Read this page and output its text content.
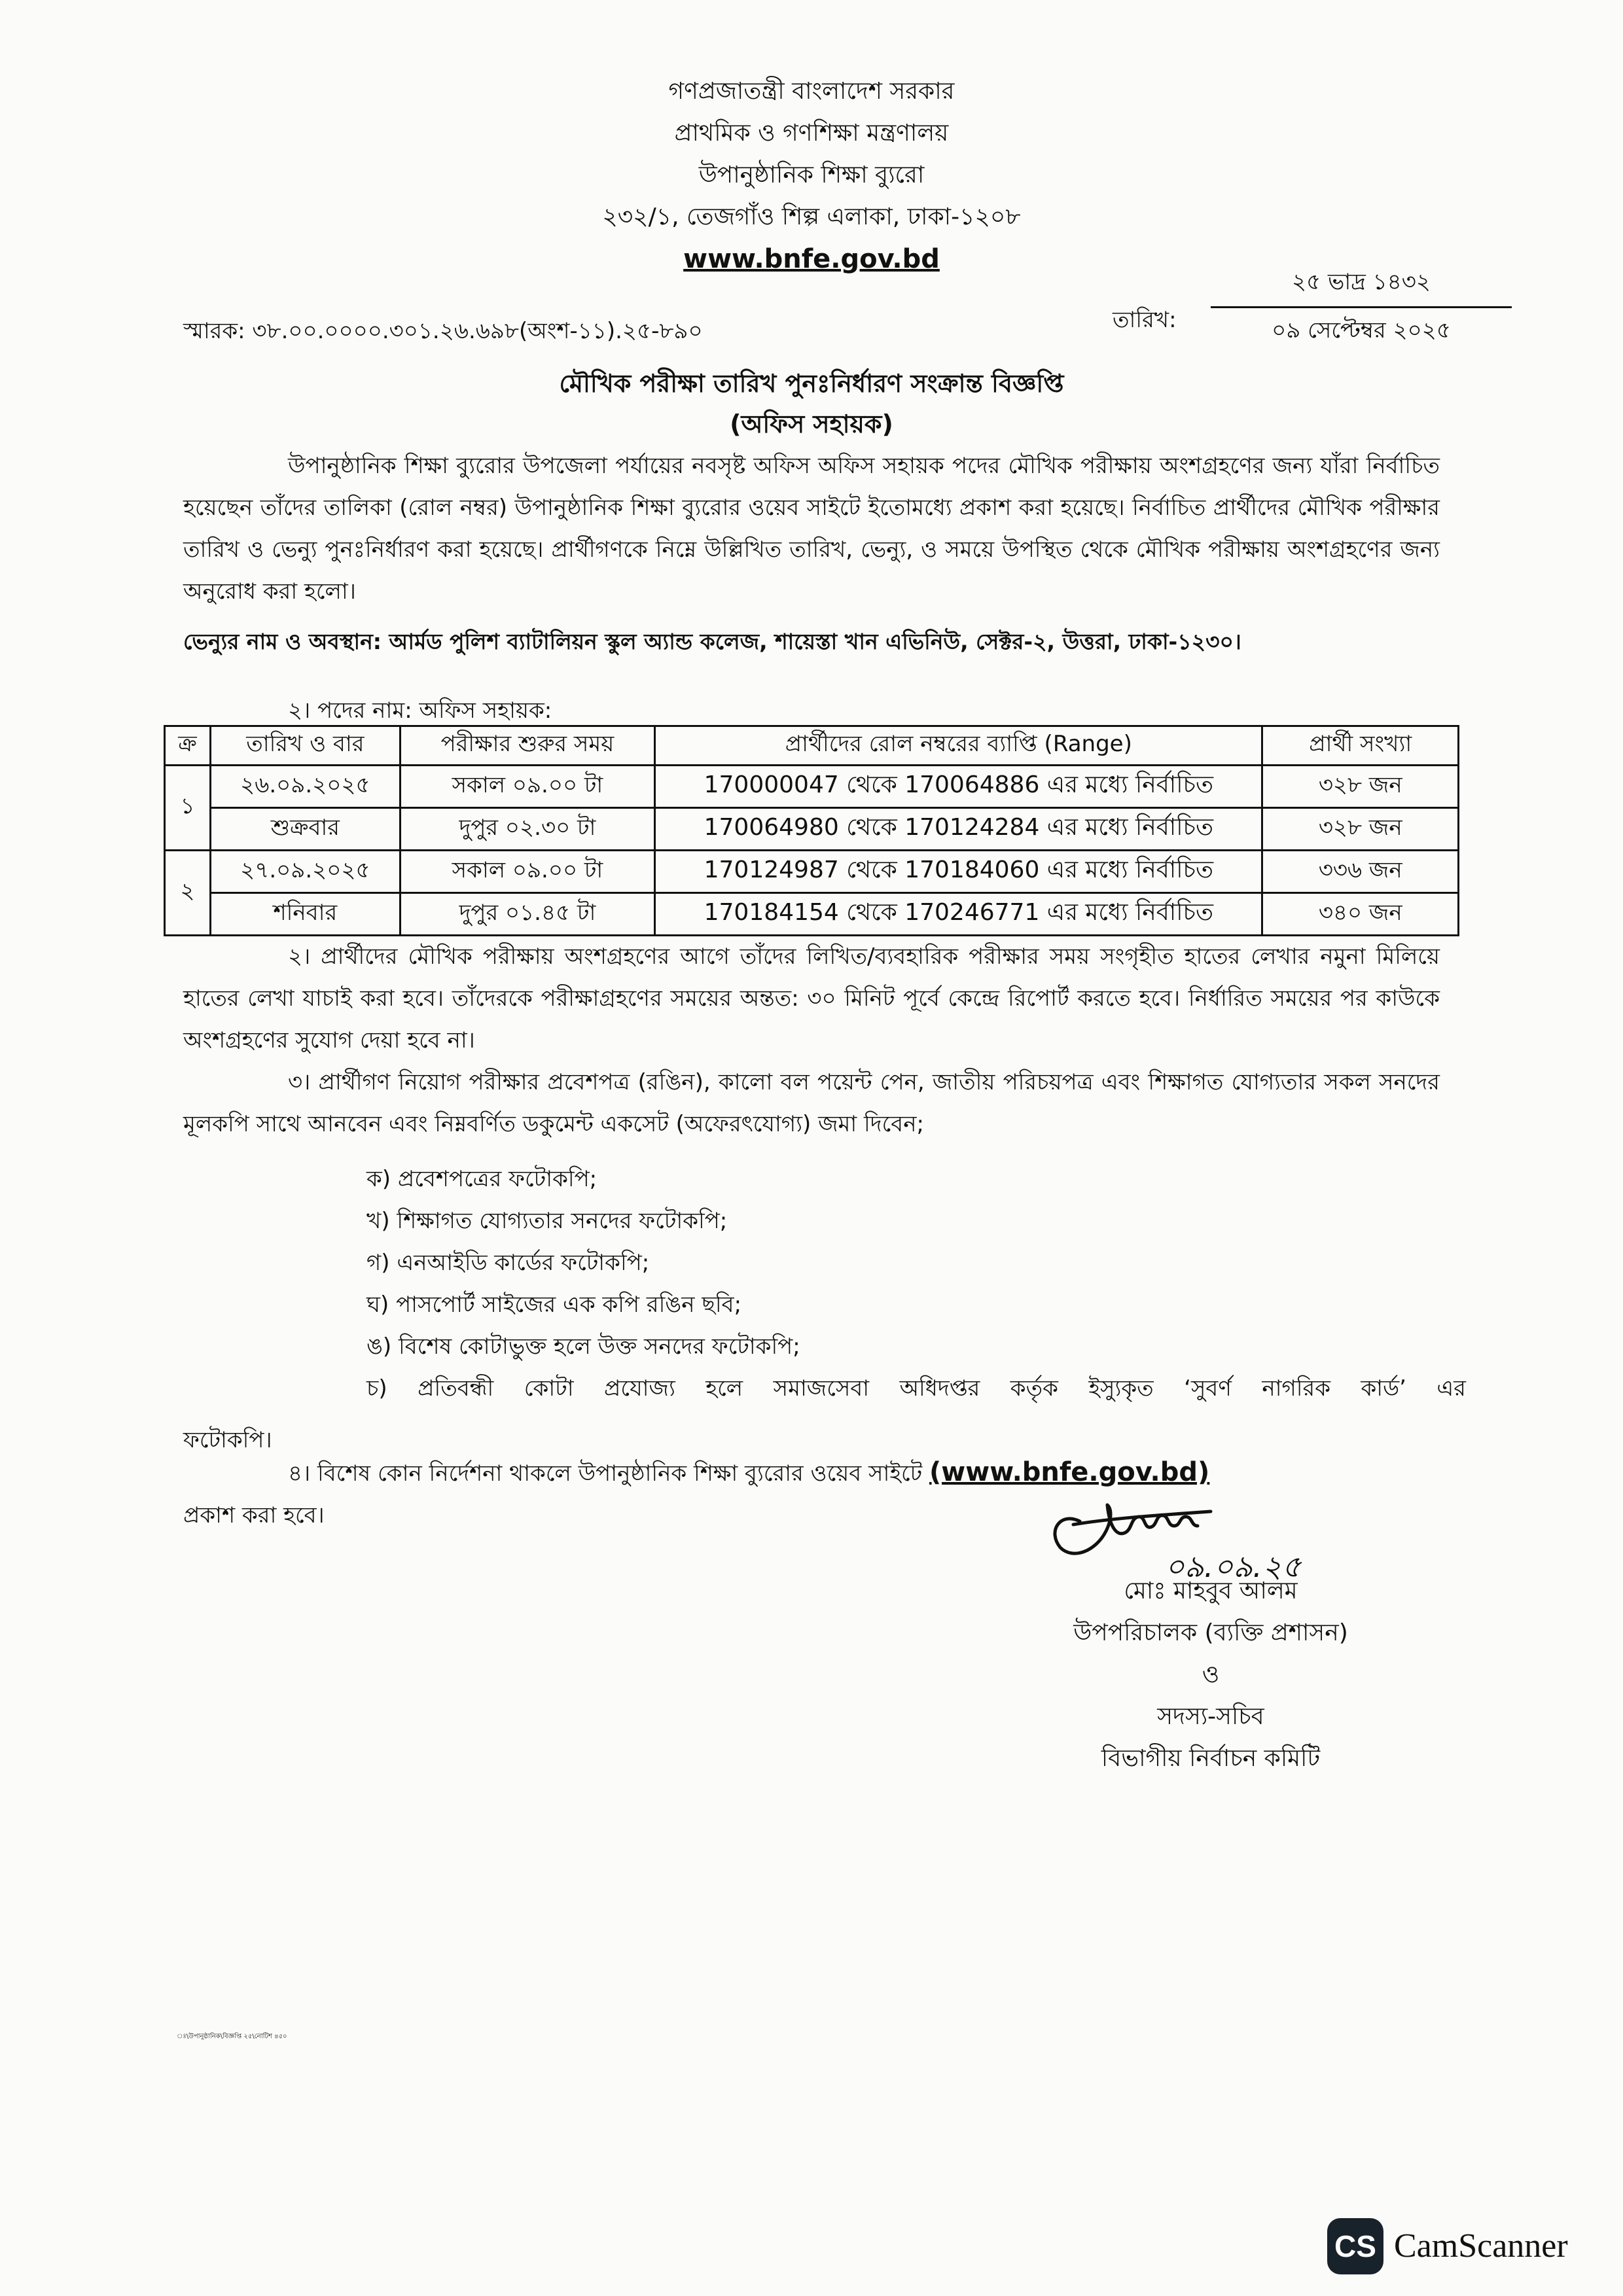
গণপ্রজাতন্ত্রী বাংলাদেশ সরকার
প্রাথমিক ও গণশিক্ষা মন্ত্রণালয়
উপানুষ্ঠানিক শিক্ষা ব্যুরো
২৩২/১, তেজগাঁও শিল্প এলাকা, ঢাকা-১২০৮
www.bnfe.gov.bd
স্মারক: ৩৮.০০.০০০০.৩০১.২৬.৬৯৮(অংশ-১১).২৫-৮৯০	তারিখ:
২৫ ভাদ্র ১৪৩২
০৯ সেপ্টেম্বর ২০২৫
মৌখিক পরীক্ষা তারিখ পুনঃনির্ধারণ সংক্রান্ত বিজ্ঞপ্তি
(অফিস সহায়ক)
উপানুষ্ঠানিক শিক্ষা ব্যুরোর উপজেলা পর্যায়ের নবসৃষ্ট অফিস অফিস সহায়ক পদের মৌখিক পরীক্ষায় অংশগ্রহণের জন্য যাঁরা নির্বাচিত হয়েছেন তাঁদের তালিকা (রোল নম্বর) উপানুষ্ঠানিক শিক্ষা ব্যুরোর ওয়েব সাইটে ইতোমধ্যে প্রকাশ করা হয়েছে। নির্বাচিত প্রার্থীদের মৌখিক পরীক্ষার তারিখ ও ভেন্যু পুনঃনির্ধারণ করা হয়েছে। প্রার্থীগণকে নিম্নে উল্লিখিত তারিখ, ভেন্যু, ও সময়ে উপস্থিত থেকে মৌখিক পরীক্ষায় অংশগ্রহণের জন্য অনুরোধ করা হলো।
ভেন্যুর নাম ও অবস্থান: আর্মড পুলিশ ব্যাটালিয়ন স্কুল অ্যান্ড কলেজ, শায়েস্তা খান এভিনিউ, সেক্টর-২, উত্তরা, ঢাকা-১২৩০।
২। পদের নাম: অফিস সহায়ক:
ক্র	তারিখ ও বার	পরীক্ষার শুরুর সময়	প্রার্থীদের রোল নম্বরের ব্যাপ্তি (Range)	প্রার্থী সংখ্যা
১	২৬.০৯.২০২৫	সকাল ০৯.০০ টা	170000047 থেকে 170064886 এর মধ্যে নির্বাচিত	৩২৮ জন
	শুক্রবার	দুপুর ০২.৩০ টা	170064980 থেকে 170124284 এর মধ্যে নির্বাচিত	৩২৮ জন
২	২৭.০৯.২০২৫	সকাল ০৯.০০ টা	170124987 থেকে 170184060 এর মধ্যে নির্বাচিত	৩৩৬ জন
	শনিবার	দুপুর ০১.৪৫ টা	170184154 থেকে 170246771 এর মধ্যে নির্বাচিত	৩৪০ জন
২। প্রার্থীদের মৌখিক পরীক্ষায় অংশগ্রহণের আগে তাঁদের লিখিত/ব্যবহারিক পরীক্ষার সময় সংগৃহীত হাতের লেখার নমুনা মিলিয়ে হাতের লেখা যাচাই করা হবে। তাঁদেরকে পরীক্ষাগ্রহণের সময়ের অন্তত: ৩০ মিনিট পূর্বে কেন্দ্রে রিপোর্ট করতে হবে। নির্ধারিত সময়ের পর কাউকে অংশগ্রহণের সুযোগ দেয়া হবে না।
৩। প্রার্থীগণ নিয়োগ পরীক্ষার প্রবেশপত্র (রঙিন), কালো বল পয়েন্ট পেন, জাতীয় পরিচয়পত্র এবং শিক্ষাগত যোগ্যতার সকল সনদের মূলকপি সাথে আনবেন এবং নিম্নবর্ণিত ডকুমেন্ট একসেট (অফেরৎযোগ্য) জমা দিবেন;
ক) প্রবেশপত্রের ফটোকপি;
খ) শিক্ষাগত যোগ্যতার সনদের ফটোকপি;
গ) এনআইডি কার্ডের ফটোকপি;
ঘ) পাসপোর্ট সাইজের এক কপি রঙিন ছবি;
ঙ) বিশেষ কোটাভুক্ত হলে উক্ত সনদের ফটোকপি;
চ) প্রতিবন্ধী কোটা প্রযোজ্য হলে সমাজসেবা অধিদপ্তর কর্তৃক ইস্যুকৃত ‘সুবর্ণ নাগরিক কার্ড’ এর
ফটোকপি।
৪। বিশেষ কোন নির্দেশনা থাকলে উপানুষ্ঠানিক শিক্ষা ব্যুরোর ওয়েব সাইটে (www.bnfe.gov.bd)
প্রকাশ করা হবে।
০৯.০৯.২৫
মোঃ মাহবুব আলম
উপপরিচালক (ব্যক্তি প্রশাসন)
ও
সদস্য-সচিব
বিভাগীয় নির্বাচন কমিটি
ঃ\উপানুষ্ঠানিক\বিজ্ঞপ্তি ২৫\নোটিশ ৪৫০
CS CamScanner
